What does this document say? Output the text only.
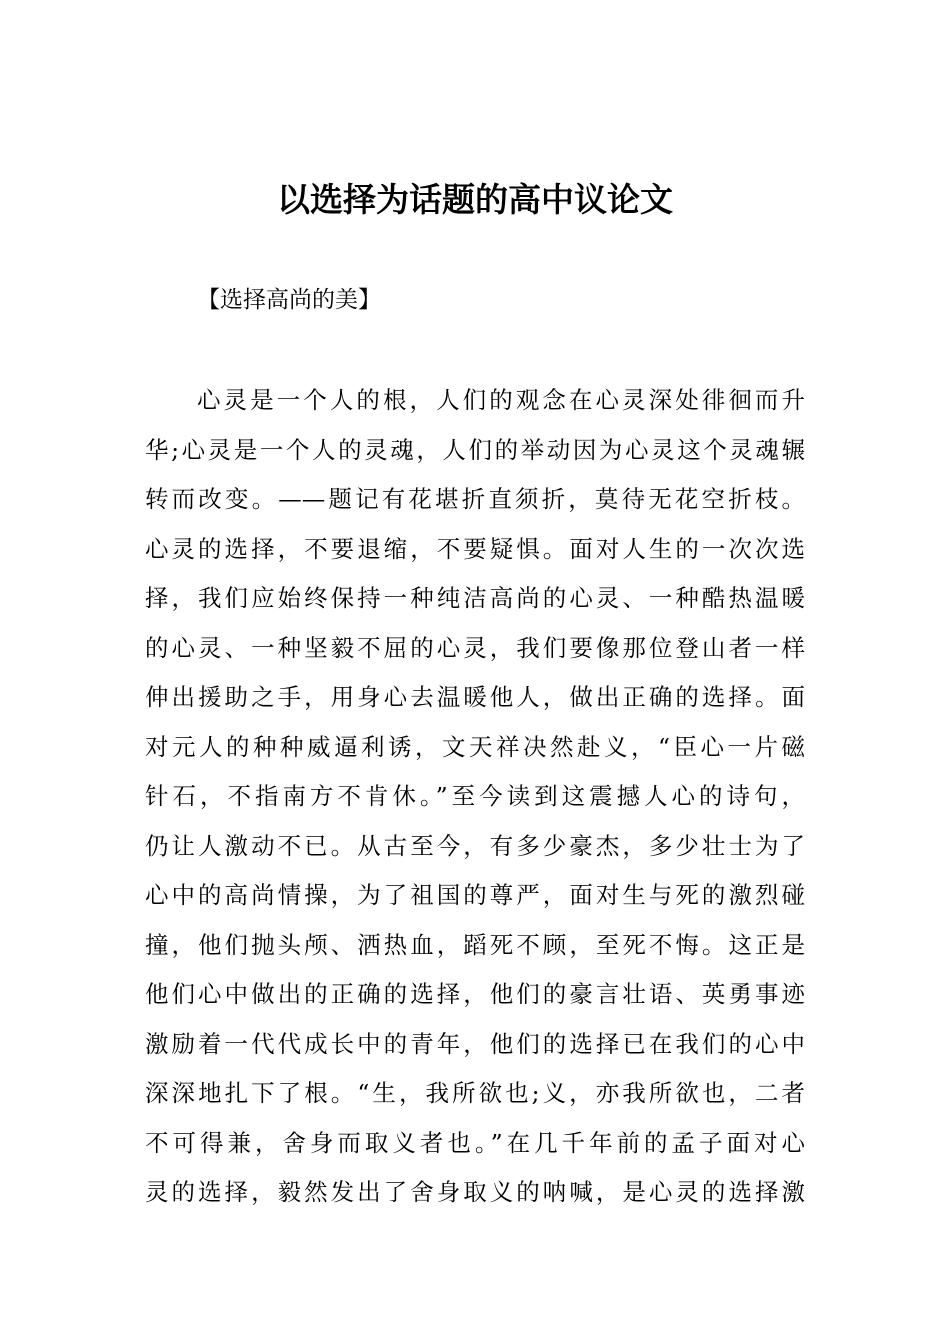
以选择为话题的高中议论文
【选择高尚的美】
心灵是一个人的根，人们的观念在心灵深处徘徊而升
华;心灵是一个人的灵魂，人们的举动因为心灵这个灵魂辗
转而改变。——题记有花堪折直须折，莫待无花空折枝。
心灵的选择，不要退缩，不要疑惧。面对人生的一次次选
择，我们应始终保持一种纯洁高尚的心灵、一种酷热温暖
的心灵、一种坚毅不屈的心灵，我们要像那位登山者一样
伸出援助之手，用身心去温暖他人，做出正确的选择。面
对元人的种种威逼利诱，文天祥决然赴义，“臣心一片磁
针石，不指南方不肯休。”至今读到这震撼人心的诗句，
仍让人激动不已。从古至今，有多少豪杰，多少壮士为了
心中的高尚情操，为了祖国的尊严，面对生与死的激烈碰
撞，他们抛头颅、洒热血，蹈死不顾，至死不悔。这正是
他们心中做出的正确的选择，他们的豪言壮语、英勇事迹
激励着一代代成长中的青年，他们的选择已在我们的心中
深深地扎下了根。“生，我所欲也;义，亦我所欲也，二者
不可得兼，舍身而取义者也。”在几千年前的孟子面对心
灵的选择，毅然发出了舍身取义的呐喊，是心灵的选择激
